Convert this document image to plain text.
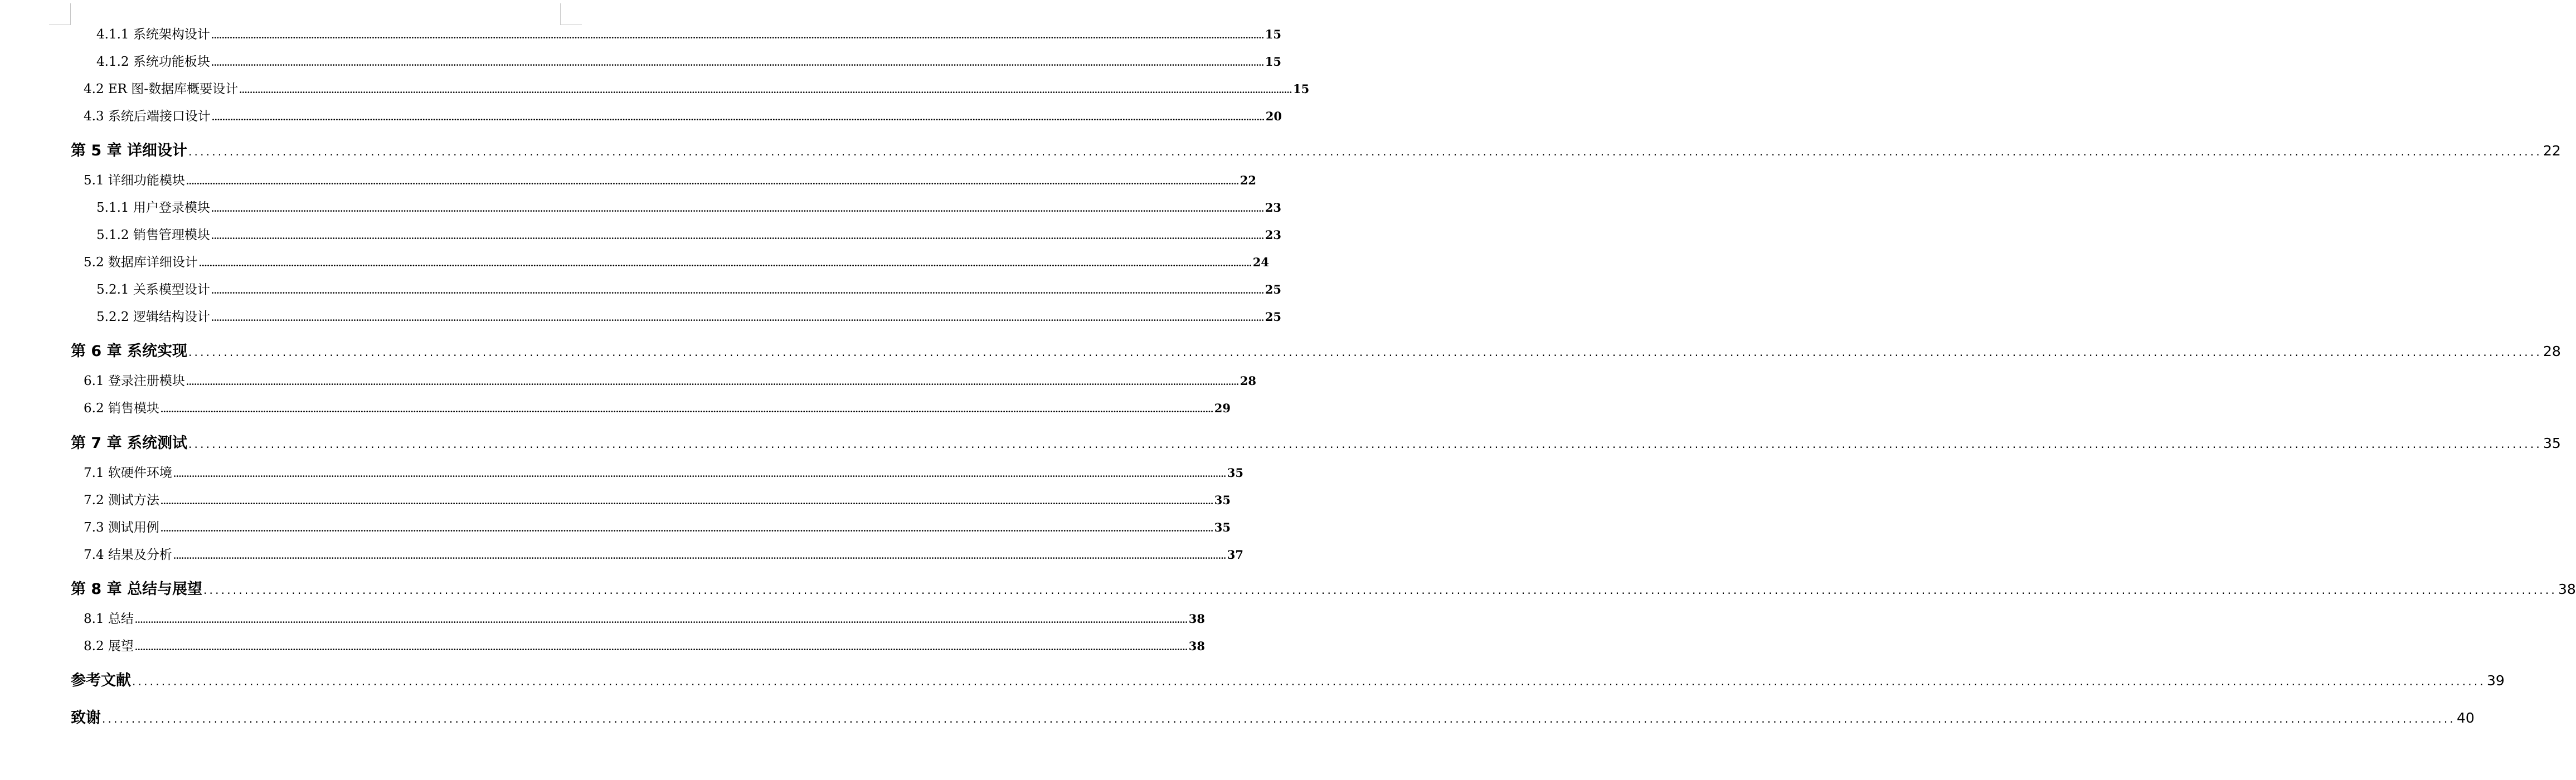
4.1.1 系统架构设计 ................................................................................................................................................................................................................................................................................................................................................................................................................ 15
4.1.2 系统功能板块 ................................................................................................................................................................................................................................................................................................................................................................................................................ 15
4.2 ER 图-数据库概要设计 ................................................................................................................................................................................................................................................................................................................................................................................................................ 15
4.3 系统后端接口设计 ................................................................................................................................................................................................................................................................................................................................................................................................................ 20
第 5 章 详细设计 ................................................................................................................................................................................................................................................................................................................................................................................................................ 22
5.1 详细功能模块 ................................................................................................................................................................................................................................................................................................................................................................................................................ 22
5.1.1 用户登录模块 ................................................................................................................................................................................................................................................................................................................................................................................................................ 23
5.1.2 销售管理模块 ................................................................................................................................................................................................................................................................................................................................................................................................................ 23
5.2 数据库详细设计 ................................................................................................................................................................................................................................................................................................................................................................................................................ 24
5.2.1 关系模型设计 ................................................................................................................................................................................................................................................................................................................................................................................................................ 25
5.2.2 逻辑结构设计 ................................................................................................................................................................................................................................................................................................................................................................................................................ 25
第 6 章 系统实现 ................................................................................................................................................................................................................................................................................................................................................................................................................ 28
6.1 登录注册模块 ................................................................................................................................................................................................................................................................................................................................................................................................................ 28
6.2 销售模块 ................................................................................................................................................................................................................................................................................................................................................................................................................ 29
第 7 章 系统测试 ................................................................................................................................................................................................................................................................................................................................................................................................................ 35
7.1 软硬件环境 ................................................................................................................................................................................................................................................................................................................................................................................................................ 35
7.2 测试方法 ................................................................................................................................................................................................................................................................................................................................................................................................................ 35
7.3 测试用例 ................................................................................................................................................................................................................................................................................................................................................................................................................ 35
7.4 结果及分析 ................................................................................................................................................................................................................................................................................................................................................................................................................ 37
第 8 章 总结与展望 ................................................................................................................................................................................................................................................................................................................................................................................................................ 38
8.1 总结 ................................................................................................................................................................................................................................................................................................................................................................................................................ 38
8.2 展望 ................................................................................................................................................................................................................................................................................................................................................................................................................ 38
参考文献 ................................................................................................................................................................................................................................................................................................................................................................................................................ 39
致谢 ................................................................................................................................................................................................................................................................................................................................................................................................................ 40
